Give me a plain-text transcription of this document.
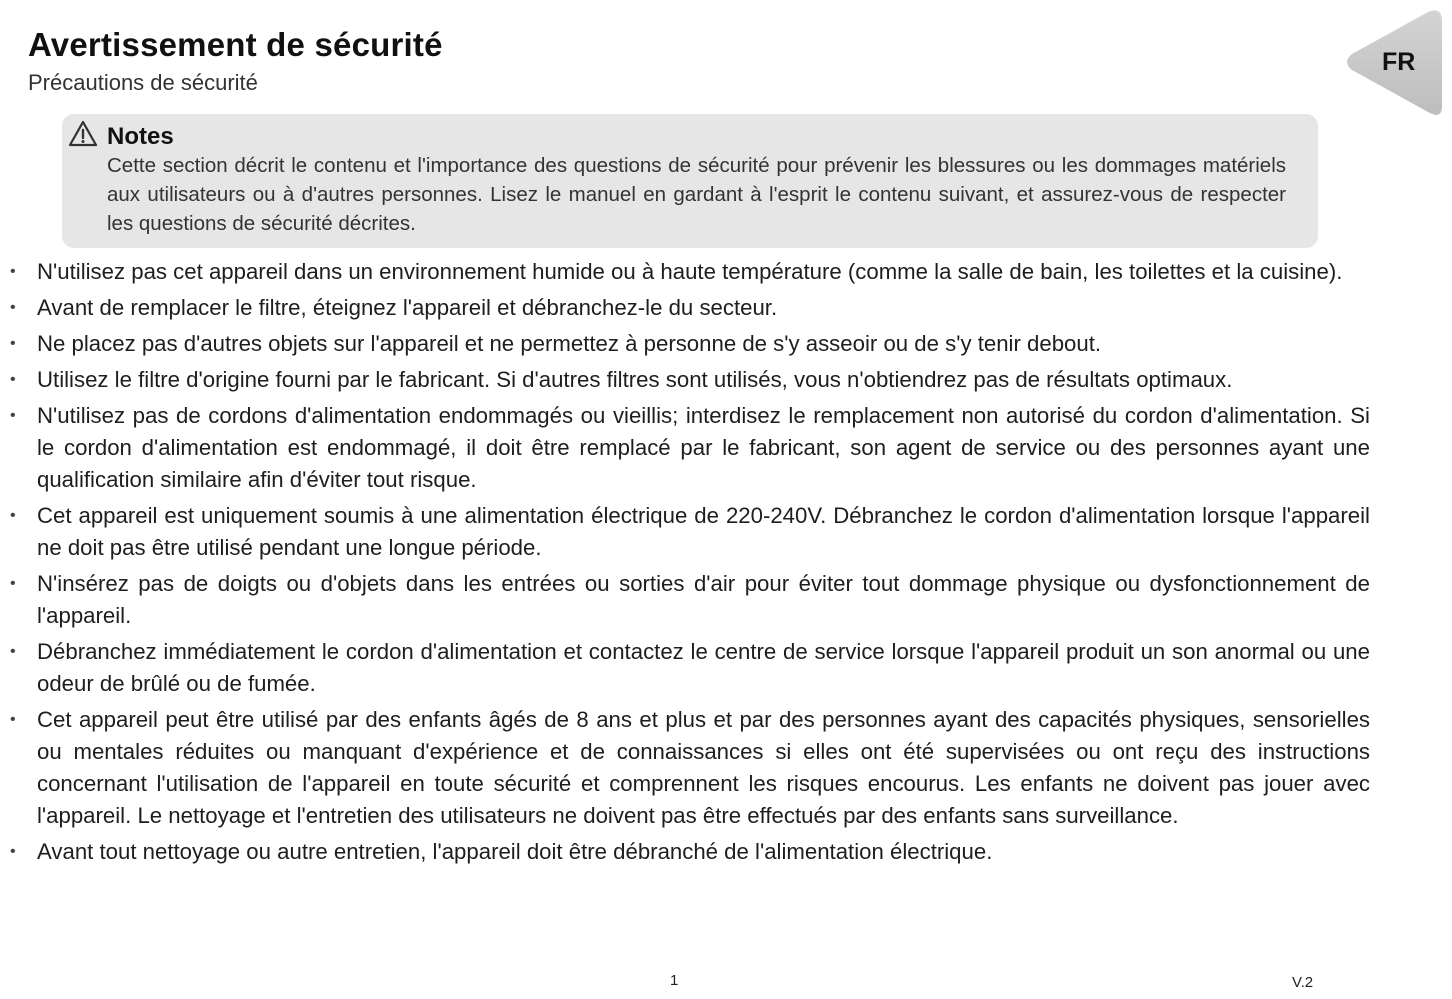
Avertissement de sécurité

Précautions de sécurité

FR
Notes
Cette section décrit le contenu et l'importance des questions de sécurité pour prévenir les blessures ou les dommages matériels aux utilisateurs ou à d'autres personnes. Lisez le manuel en gardant à l'esprit le contenu suivant, et assurez-vous de respecter les questions de sécurité décrites.
• N'utilisez pas cet appareil dans un environnement humide ou à haute température (comme la salle de bain, les toilettes et la cuisine).
• Avant de remplacer le filtre, éteignez l'appareil et débranchez-le du secteur.
• Ne placez pas d'autres objets sur l'appareil et ne permettez à personne de s'y asseoir ou de s'y tenir debout.
• Utilisez le filtre d'origine fourni par le fabricant. Si d'autres filtres sont utilisés, vous n'obtiendrez pas de résultats optimaux.
• N'utilisez pas de cordons d'alimentation endommagés ou vieillis; interdisez le remplacement non autorisé du cordon d'alimentation. Si le cordon d'alimentation est endommagé, il doit être remplacé par le fabricant, son agent de service ou des personnes ayant une qualification similaire afin d'éviter tout risque.
• Cet appareil est uniquement soumis à une alimentation électrique de 220-240V. Débranchez le cordon d'alimentation lorsque l'appareil ne doit pas être utilisé pendant une longue période.
• N'insérez pas de doigts ou d'objets dans les entrées ou sorties d'air pour éviter tout dommage physique ou dysfonctionnement de l'appareil.
• Débranchez immédiatement le cordon d'alimentation et contactez le centre de service lorsque l'appareil produit un son anormal ou une odeur de brûlé ou de fumée.
• Cet appareil peut être utilisé par des enfants âgés de 8 ans et plus et par des personnes ayant des capacités physiques, sensorielles ou mentales réduites ou manquant d'expérience et de connaissances si elles ont été supervisées ou ont reçu des instructions concernant l'utilisation de l'appareil en toute sécurité et comprennent les risques encourus. Les enfants ne doivent pas jouer avec l'appareil. Le nettoyage et l'entretien des utilisateurs ne doivent pas être effectués par des enfants sans surveillance.
• Avant tout nettoyage ou autre entretien, l'appareil doit être débranché de l'alimentation électrique.
1	V.2
